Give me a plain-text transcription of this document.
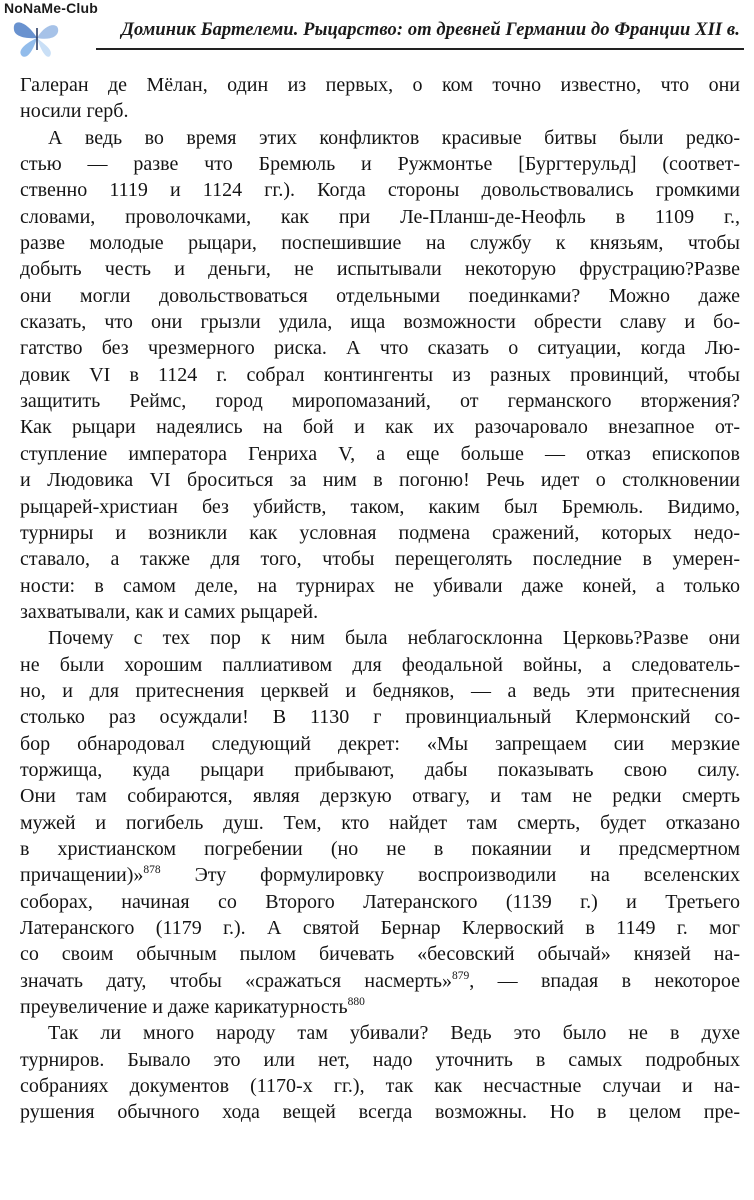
NoNaMe-Club
Доминик Бартелеми. Рыцарство: от древней Германии до Франции XII в.
Галеран де Мёлан, один из первых, о ком точно известно, что они
носили герб.
А ведь во время этих конфликтов красивые битвы были редко-
стью — разве что Бремюль и Ружмонтье [Бургтерульд] (соответ-
ственно 1119 и 1124 гг.). Когда стороны довольствовались громкими
словами, проволочками, как при Ле-Планш-де-Неофль в 1109 г.,
разве молодые рыцари, поспешившие на службу к князьям, чтобы
добыть честь и деньги, не испытывали некоторую фрустрацию?Разве
они могли довольствоваться отдельными поединками? Можно даже
сказать, что они грызли удила, ища возможности обрести славу и бо-
гатство без чрезмерного риска. А что сказать о ситуации, когда Лю-
довик VI в 1124 г. собрал контингенты из разных провинций, чтобы
защитить Реймс, город миропомазаний, от германского вторжения?
Как рыцари надеялись на бой и как их разочаровало внезапное от-
ступление императора Генриха V, а еще больше — отказ епископов
и Людовика VI броситься за ним в погоню! Речь идет о столкновении
рыцарей-христиан без убийств, таком, каким был Бремюль. Видимо,
турниры и возникли как условная подмена сражений, которых недо-
ставало, а также для того, чтобы перещеголять последние в умерен-
ности: в самом деле, на турнирах не убивали даже коней, а только
захватывали, как и самих рыцарей.
Почему с тех пор к ним была неблагосклонна Церковь?Разве они
не были хорошим паллиативом для феодальной войны, а следователь-
но, и для притеснения церквей и бедняков, — а ведь эти притеснения
столько раз осуждали! В 1130 г провинциальный Клермонский со-
бор обнародовал следующий декрет: «Мы запрещаем сии мерзкие
торжища, куда рыцари прибывают, дабы показывать свою силу.
Они там собираются, являя дерзкую отвагу, и там не редки смерть
мужей и погибель душ. Тем, кто найдет там смерть, будет отказано
в христианском погребении (но не в покаянии и предсмертном
причащении)»$^{878}$ Эту формулировку воспроизводили на вселенских
соборах, начиная со Второго Латеранского (1139 г.) и Третьего
Латеранского (1179 г.). А святой Бернар Клервоский в 1149 г. мог
со своим обычным пылом бичевать «бесовский обычай» князей на-
значать дату, чтобы «сражаться насмерть»$^{879}$, — впадая в некоторое
преувеличение и даже карикатурность$^{880}$
Так ли много народу там убивали? Ведь это было не в духе
турниров. Бывало это или нет, надо уточнить в самых подробных
собраниях документов (1170-х гг.), так как несчастные случаи и на-
рушения обычного хода вещей всегда возможны. Но в целом пре-
